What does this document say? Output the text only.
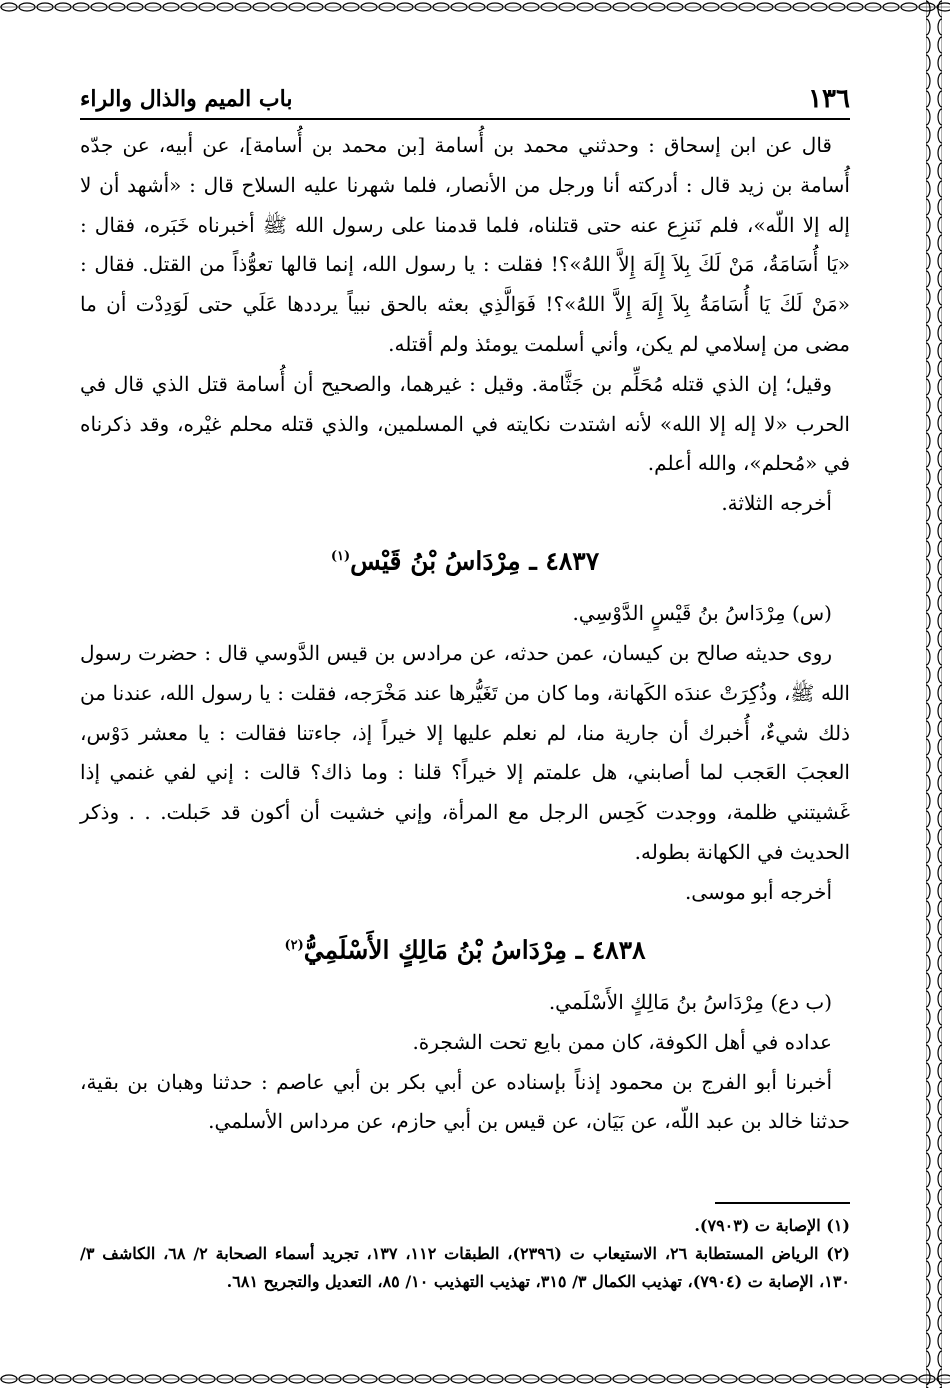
١٣٦
باب الميم والذال والراء

قال عن ابن إسحاق : وحدثني محمد بن أُسامة [بن محمد بن أُسامة]، عن أبيه، عن جدّه أُسامة بن زيد قال : أدركته أنا ورجل من الأنصار، فلما شهرنا عليه السلاح قال : «أشهد أن لا إله إلا اللّه»، فلم نَنزِع عنه حتى قتلناه، فلما قدمنا على رسول الله ﷺ أخبرناه خَبَره، فقال : «يَا أُسَامَةُ، مَنْ لَكَ بِلاَ إِلَهَ إِلاَّ اللهُ»؟! فقلت : يا رسول الله، إنما قالها تعوُّذاً من القتل. فقال : «مَنْ لَكَ يَا أُسَامَةُ بِلاَ إِلَهَ إِلاَّ اللهُ»؟! فَوَالَّذِي بعثه بالحق نبياً يرددها عَلَي حتى لَوَدِدْت أن ما مضى من إسلامي لم يكن، وأني أسلمت يومئذ ولم أقتله.

وقيل؛ إن الذي قتله مُحَلِّم بن جَثَّامة. وقيل : غيرهما، والصحيح أن أُسامة قتل الذي قال في الحرب «لا إله إلا الله» لأنه اشتدت نكايته في المسلمين، والذي قتله محلم غيْره، وقد ذكرناه في «مُحلم»، والله أعلم.

أخرجه الثلاثة.

٤٨٣٧ ـ مِرْدَاسُ بْنُ قَيْس$^{(١)}$

(س) مِرْدَاسُ بنُ قَيْسٍ الدَّوْسِي.

روى حديثه صالح بن كيسان، عمن حدثه، عن مرادس بن قيس الدَّوسي قال : حضرت رسول الله ﷺ، وذُكِرَتْ عندَه الكَهانة، وما كان من تَغَيُّرها عند مَخْرَجه، فقلت : يا رسول الله، عندنا من ذلك شيءٌ، أُخبرك أن جارية منا، لم نعلم عليها إلا خيراً إذ، جاءتنا فقالت : يا معشر دَوْس، العجبَ العَجب لما أصابني، هل علمتم إلا خيراً؟ قلنا : وما ذاك؟ قالت : إني لفي غنمي إذا غَشيتني ظلمة، ووجدت كَحِس الرجل مع المرأة، وإني خشيت أن أكون قد حَبلت. . . وذكر الحديث في الكهانة بطوله.

أخرجه أبو موسى.

٤٨٣٨ ـ مِرْدَاسُ بْنُ مَالِكٍ الأَسْلَمِيُّ$^{(٢)}$

(ب دع) مِرْدَاسُ بنُ مَالِكٍ الأَسْلَمي.

عداده في أهل الكوفة، كان ممن بايع تحت الشجرة.

أخبرنا أبو الفرج بن محمود إذناً بإسناده عن أبي بكر بن أبي عاصم : حدثنا وهبان بن بقية، حدثنا خالد بن عبد اللّه، عن بَيَان، عن قيس بن أبي حازم، عن مرداس الأسلمي.

(١) الإصابة ت (٧٩٠٣).

(٢) الرياض المستطابة ٢٦، الاستيعاب ت (٢٣٩٦)، الطبقات ١١٢، ١٣٧، تجريد أسماء الصحابة ٢/ ٦٨، الكاشف ٣/ ١٣٠، الإصابة ت (٧٩٠٤)، تهذيب الكمال ٣/ ٣١٥، تهذيب التهذيب ١٠/ ٨٥، التعديل والتجريح ٦٨١.
